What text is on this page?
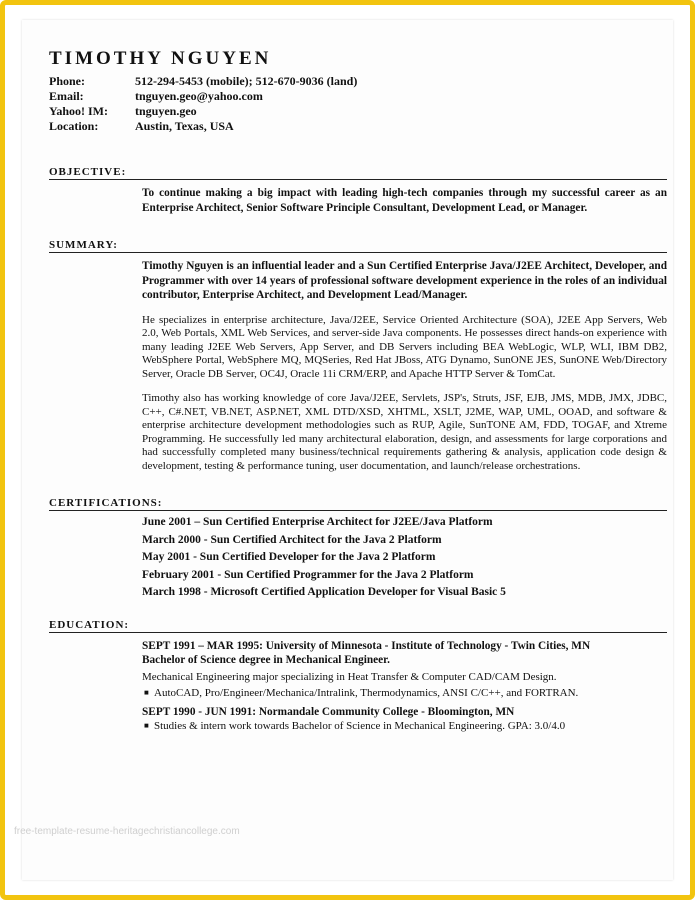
TIMOTHY NGUYEN
Phone:	512-294-5453 (mobile); 512-670-9036 (land)
Email:	tnguyen.geo@yahoo.com
Yahoo! IM:	tnguyen.geo
Location:	Austin, Texas, USA
OBJECTIVE:

To continue making a big impact with leading high-tech companies through my successful career as an Enterprise Architect, Senior Software Principle Consultant, Development Lead, or Manager.

SUMMARY:

Timothy Nguyen is an influential leader and a Sun Certified Enterprise Java/J2EE Architect, Developer, and Programmer with over 14 years of professional software development experience in the roles of an individual contributor, Enterprise Architect, and Development Lead/Manager.

He specializes in enterprise architecture, Java/J2EE, Service Oriented Architecture (SOA), J2EE App Servers, Web 2.0, Web Portals, XML Web Services, and server-side Java components. He possesses direct hands-on experience with many leading J2EE Web Servers, App Server, and DB Servers including BEA WebLogic, WLP, WLI, IBM DB2, WebSphere Portal, WebSphere MQ, MQSeries, Red Hat JBoss, ATG Dynamo, SunONE JES, SunONE Web/Directory Server, Oracle DB Server, OC4J, Oracle 11i CRM/ERP, and Apache HTTP Server & TomCat.

Timothy also has working knowledge of core Java/J2EE, Servlets, JSP's, Struts, JSF, EJB, JMS, MDB, JMX, JDBC, C++, C#.NET, VB.NET, ASP.NET, XML DTD/XSD, XHTML, XSLT, J2ME, WAP, UML, OOAD, and software & enterprise architecture development methodologies such as RUP, Agile, SunTONE AM, FDD, TOGAF, and Xtreme Programming. He successfully led many architectural elaboration, design, and assessments for large corporations and had successfully completed many business/technical requirements gathering & analysis, application code design & development, testing & performance tuning, user documentation, and launch/release orchestrations.

CERTIFICATIONS:
June 2001 – Sun Certified Enterprise Architect for J2EE/Java Platform
March 2000 - Sun Certified Architect for the Java 2 Platform
May 2001 - Sun Certified Developer for the Java 2 Platform
February 2001 - Sun Certified Programmer for the Java 2 Platform
March 1998 - Microsoft Certified Application Developer for Visual Basic 5
EDUCATION:
SEPT 1991 – MAR 1995: University of Minnesota - Institute of Technology - Twin Cities, MN
Bachelor of Science degree in Mechanical Engineer.
Mechanical Engineering major specializing in Heat Transfer & Computer CAD/CAM Design.
■ AutoCAD, Pro/Engineer/Mechanica/Intralink, Thermodynamics, ANSI C/C++, and FORTRAN.
SEPT 1990 - JUN 1991: Normandale Community College - Bloomington, MN
■ Studies & intern work towards Bachelor of Science in Mechanical Engineering. GPA: 3.0/4.0
free-template-resume-heritagechristiancollege.com
